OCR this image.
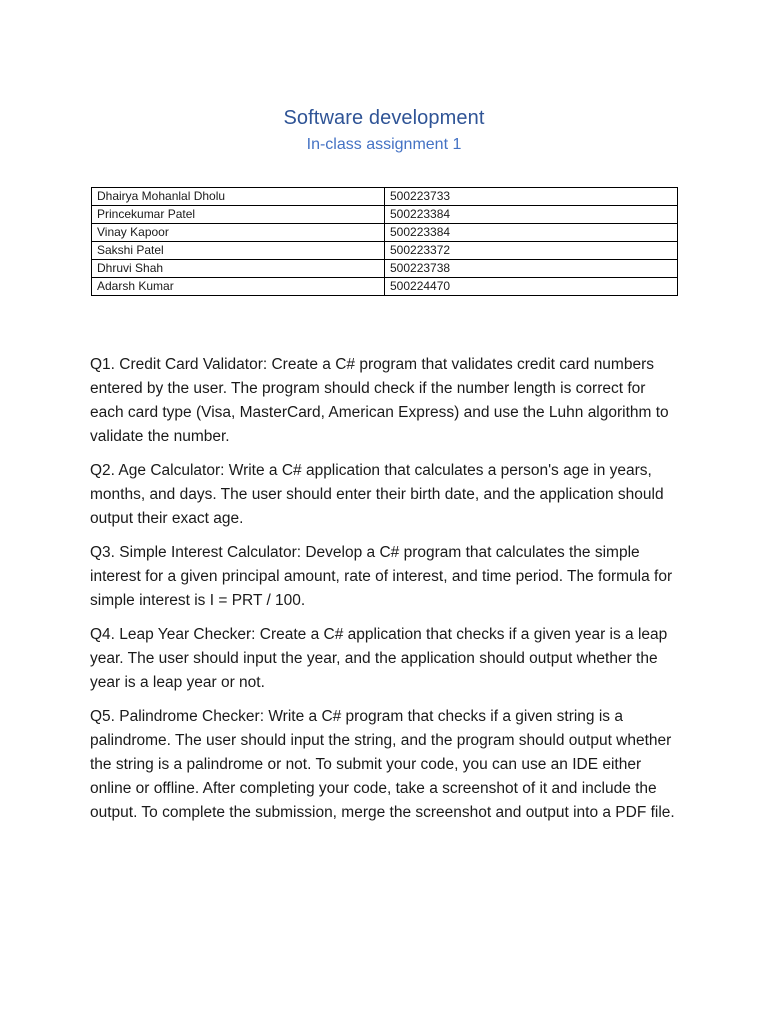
Software development
In-class assignment 1
Dhairya Mohanlal Dholu	500223733
Princekumar Patel	500223384
Vinay Kapoor	500223384
Sakshi Patel	500223372
Dhruvi Shah	500223738
Adarsh Kumar	500224470

Q1. Credit Card Validator: Create a C# program that validates credit card numbers entered by the user. The program should check if the number length is correct for each card type (Visa, MasterCard, American Express) and use the Luhn algorithm to validate the number.

Q2. Age Calculator: Write a C# application that calculates a person's age in years, months, and days. The user should enter their birth date, and the application should output their exact age.

Q3. Simple Interest Calculator: Develop a C# program that calculates the simple interest for a given principal amount, rate of interest, and time period. The formula for simple interest is I = PRT / 100.

Q4. Leap Year Checker: Create a C# application that checks if a given year is a leap year. The user should input the year, and the application should output whether the year is a leap year or not.

Q5. Palindrome Checker: Write a C# program that checks if a given string is a palindrome. The user should input the string, and the program should output whether the string is a palindrome or not. To submit your code, you can use an IDE either online or offline. After completing your code, take a screenshot of it and include the output. To complete the submission, merge the screenshot and output into a PDF file.
